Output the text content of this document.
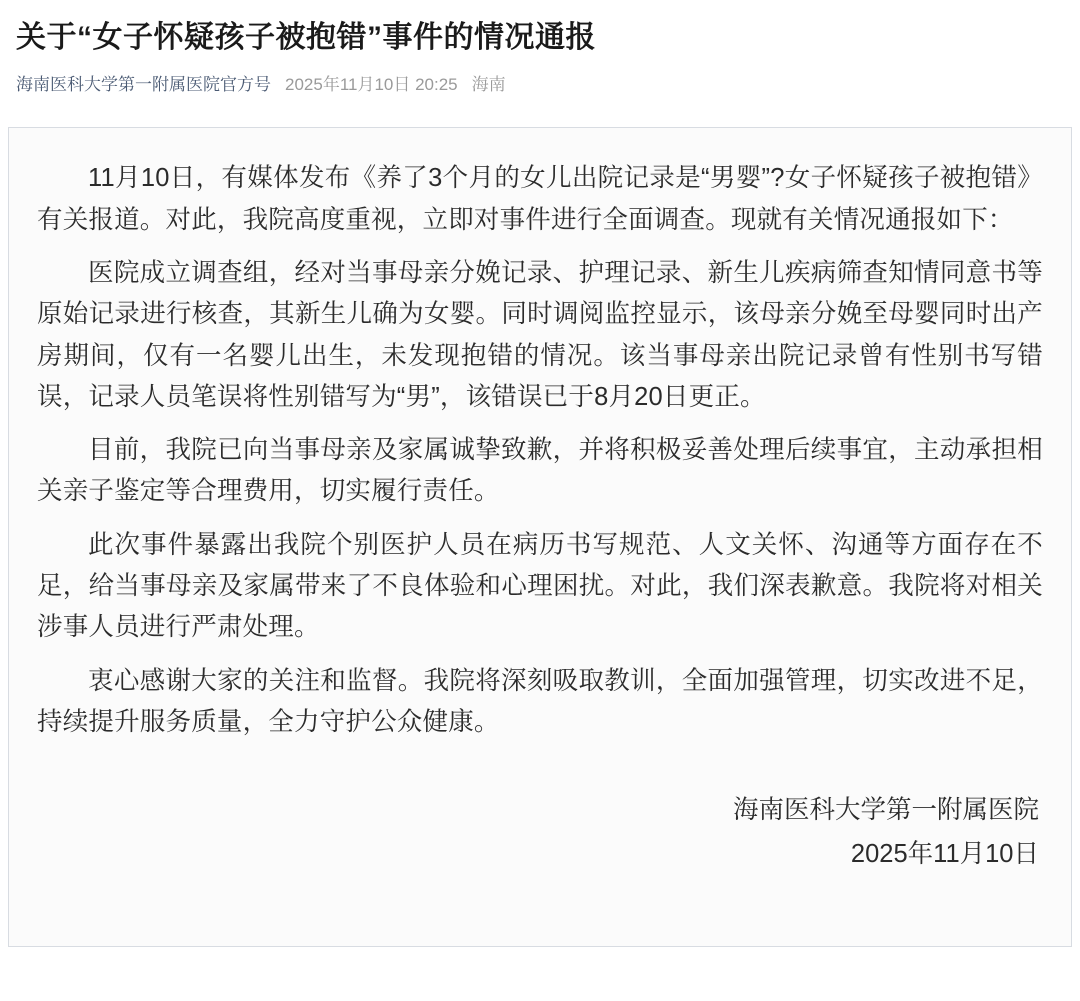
关于“女子怀疑孩子被抱错”事件的情况通报
海南医科大学第一附属医院官方号 2025年11月10日 20:25 海南

11月10日，有媒体发布《养了3个月的女儿出院记录是“男婴”?女子怀疑孩子被抱错》有关报道。对此，我院高度重视，立即对事件进行全面调查。现就有关情况通报如下：

医院成立调查组，经对当事母亲分娩记录、护理记录、新生儿疾病筛查知情同意书等原始记录进行核查，其新生儿确为女婴。同时调阅监控显示，该母亲分娩至母婴同时出产房期间，仅有一名婴儿出生，未发现抱错的情况。该当事母亲出院记录曾有性别书写错误，记录人员笔误将性别错写为“男”，该错误已于8月20日更正。

目前，我院已向当事母亲及家属诚挚致歉，并将积极妥善处理后续事宜，主动承担相关亲子鉴定等合理费用，切实履行责任。

此次事件暴露出我院个别医护人员在病历书写规范、人文关怀、沟通等方面存在不足，给当事母亲及家属带来了不良体验和心理困扰。对此，我们深表歉意。我院将对相关涉事人员进行严肃处理。

衷心感谢大家的关注和监督。我院将深刻吸取教训，全面加强管理，切实改进不足，持续提升服务质量，全力守护公众健康。

海南医科大学第一附属医院
2025年11月10日
